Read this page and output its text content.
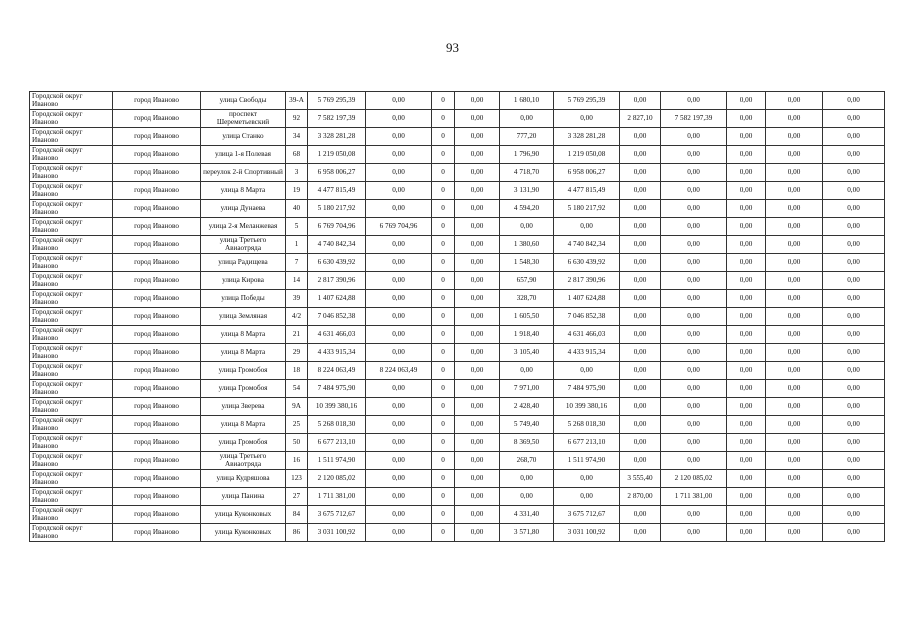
93
Городской округ Иваново	город Иваново	улица Свободы	39-А	5 769 295,39	0,00	0	0,00	1 680,10	5 769 295,39	0,00	0,00	0,00	0,00	0,00
Городской округ Иваново	город Иваново	проспект Шереметьевский	92	7 582 197,39	0,00	0	0,00	0,00	0,00	2 827,10	7 582 197,39	0,00	0,00	0,00
Городской округ Иваново	город Иваново	улица Станко	34	3 328 281,28	0,00	0	0,00	777,20	3 328 281,28	0,00	0,00	0,00	0,00	0,00
Городской округ Иваново	город Иваново	улица 1-я Полевая	68	1 219 050,08	0,00	0	0,00	1 796,90	1 219 050,08	0,00	0,00	0,00	0,00	0,00
Городской округ Иваново	город Иваново	переулок 2-й Спортивный	3	6 958 006,27	0,00	0	0,00	4 718,70	6 958 006,27	0,00	0,00	0,00	0,00	0,00
Городской округ Иваново	город Иваново	улица 8 Марта	19	4 477 815,49	0,00	0	0,00	3 131,90	4 477 815,49	0,00	0,00	0,00	0,00	0,00
Городской округ Иваново	город Иваново	улица Дунаева	40	5 180 217,92	0,00	0	0,00	4 594,20	5 180 217,92	0,00	0,00	0,00	0,00	0,00
Городской округ Иваново	город Иваново	улица 2-я Меланжевая	5	6 769 704,96	6 769 704,96	0	0,00	0,00	0,00	0,00	0,00	0,00	0,00	0,00
Городской округ Иваново	город Иваново	улица Третьего Авиаотряда	1	4 740 842,34	0,00	0	0,00	1 380,60	4 740 842,34	0,00	0,00	0,00	0,00	0,00
Городской округ Иваново	город Иваново	улица Радищева	7	6 630 439,92	0,00	0	0,00	1 548,30	6 630 439,92	0,00	0,00	0,00	0,00	0,00
Городской округ Иваново	город Иваново	улица Кирова	14	2 817 390,96	0,00	0	0,00	657,90	2 817 390,96	0,00	0,00	0,00	0,00	0,00
Городской округ Иваново	город Иваново	улица Победы	39	1 407 624,88	0,00	0	0,00	328,70	1 407 624,88	0,00	0,00	0,00	0,00	0,00
Городской округ Иваново	город Иваново	улица Земляная	4/2	7 046 852,38	0,00	0	0,00	1 605,50	7 046 852,38	0,00	0,00	0,00	0,00	0,00
Городской округ Иваново	город Иваново	улица 8 Марта	21	4 631 466,03	0,00	0	0,00	1 918,40	4 631 466,03	0,00	0,00	0,00	0,00	0,00
Городской округ Иваново	город Иваново	улица 8 Марта	29	4 433 915,34	0,00	0	0,00	3 105,40	4 433 915,34	0,00	0,00	0,00	0,00	0,00
Городской округ Иваново	город Иваново	улица Громобоя	18	8 224 063,49	8 224 063,49	0	0,00	0,00	0,00	0,00	0,00	0,00	0,00	0,00
Городской округ Иваново	город Иваново	улица Громобоя	54	7 484 975,90	0,00	0	0,00	7 971,00	7 484 975,90	0,00	0,00	0,00	0,00	0,00
Городской округ Иваново	город Иваново	улица Зверева	9А	10 399 380,16	0,00	0	0,00	2 428,40	10 399 380,16	0,00	0,00	0,00	0,00	0,00
Городской округ Иваново	город Иваново	улица 8 Марта	25	5 268 018,30	0,00	0	0,00	5 749,40	5 268 018,30	0,00	0,00	0,00	0,00	0,00
Городской округ Иваново	город Иваново	улица Громобоя	50	6 677 213,10	0,00	0	0,00	8 369,50	6 677 213,10	0,00	0,00	0,00	0,00	0,00
Городской округ Иваново	город Иваново	улица Третьего Авиаотряда	16	1 511 974,90	0,00	0	0,00	268,70	1 511 974,90	0,00	0,00	0,00	0,00	0,00
Городской округ Иваново	город Иваново	улица Кудряшова	123	2 120 085,02	0,00	0	0,00	0,00	0,00	3 555,40	2 120 085,02	0,00	0,00	0,00
Городской округ Иваново	город Иваново	улица Панина	27	1 711 381,00	0,00	0	0,00	0,00	0,00	2 870,00	1 711 381,00	0,00	0,00	0,00
Городской округ Иваново	город Иваново	улица Куконковых	84	3 675 712,67	0,00	0	0,00	4 331,40	3 675 712,67	0,00	0,00	0,00	0,00	0,00
Городской округ Иваново	город Иваново	улица Куконковых	86	3 031 100,92	0,00	0	0,00	3 571,80	3 031 100,92	0,00	0,00	0,00	0,00	0,00
